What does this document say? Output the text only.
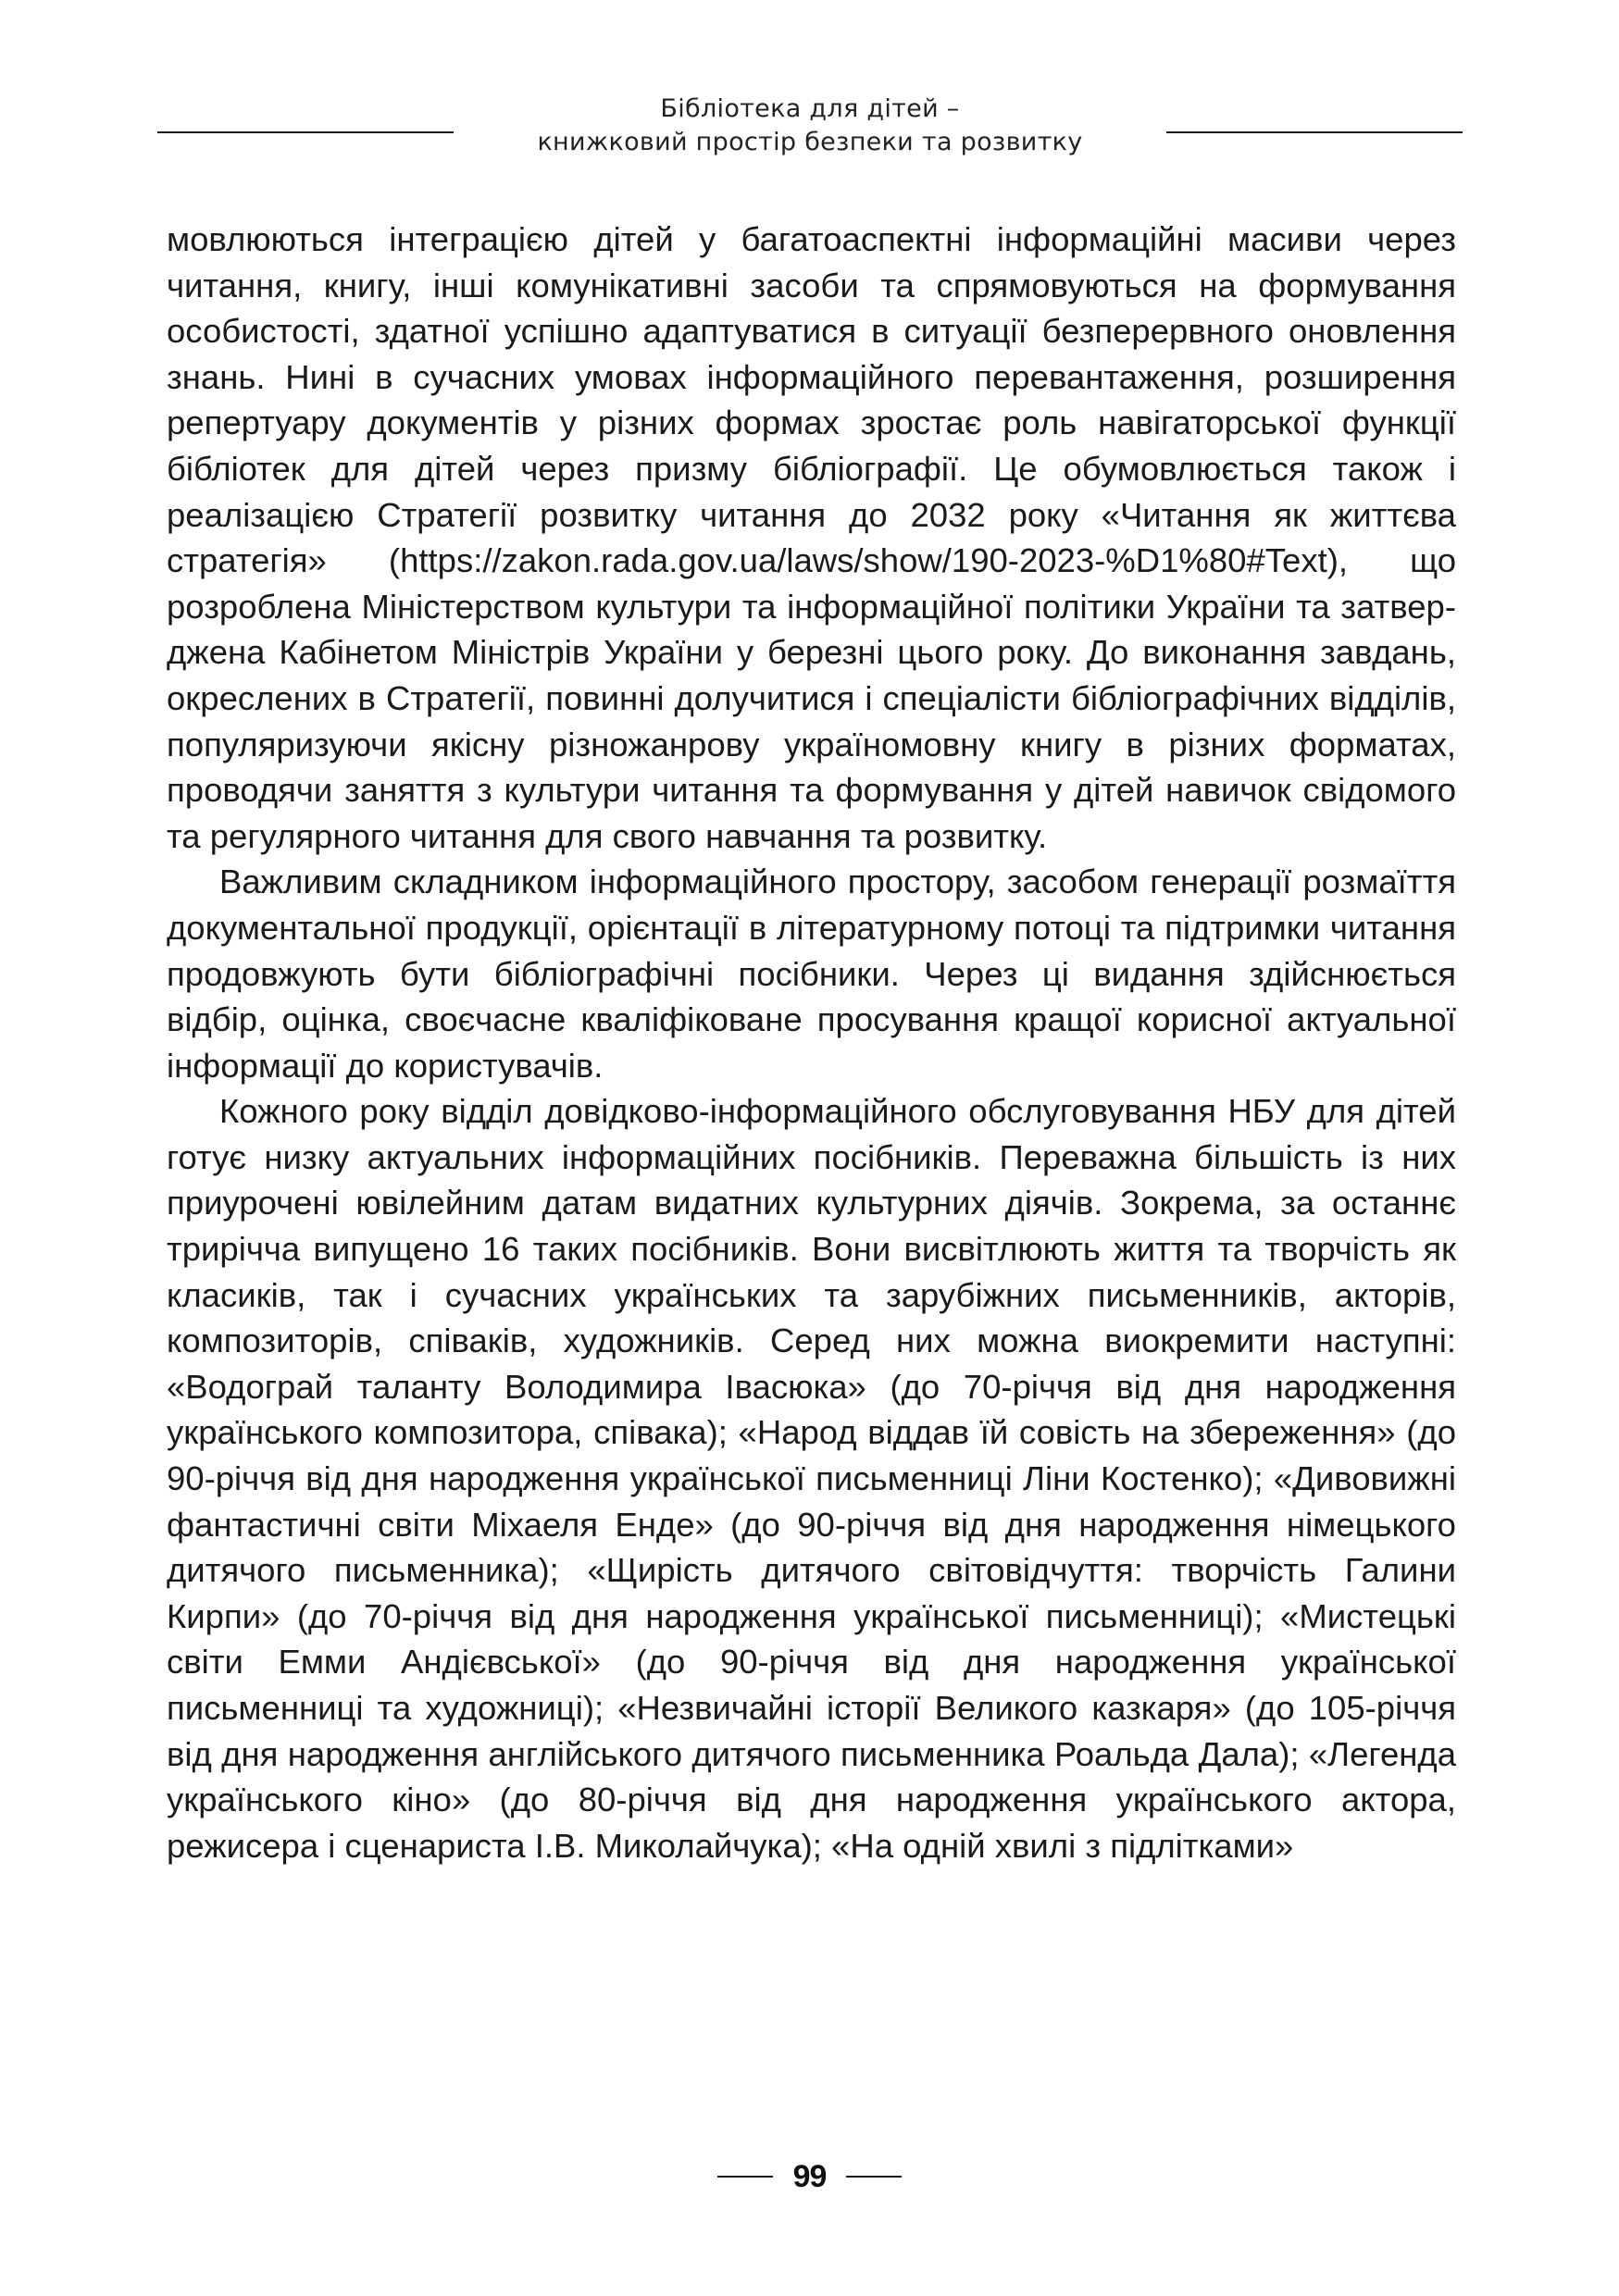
Бібліотека для дітей –
книжковий простір безпеки та розвитку

мовлюються інтеграцією дітей у багатоаспектні інформаційні масиви через читання, книгу, інші комунікативні засоби та спрямовуються на формування особистості, здатної успішно адаптуватися в ситуації безперервного оновлення знань. Нині в сучасних умовах інформаційного перевантаження, розширення репертуару документів у різних формах зростає роль навігаторської функції бібліотек для дітей через призму бібліографії. Це обумовлюється також і реалізацією Стратегії розвитку читання до 2032 року «Читання як життєва стратегія» (https://zakon.rada.gov.ua/laws/show/190-2023-%D1%80#Text), що розроблена Міністерством культури та інформаційної політики України та затверджена Кабінетом Міністрів України у березні цього року. До виконання завдань, окреслених в Стратегії, повинні долучитися і спеціалісти бібліографічних відділів, популяризуючи якісну різножанрову україномовну книгу в різних форматах, проводячи заняття з культури читання та формування у дітей навичок свідомого та регулярного читання для свого навчання та розвитку.

Важливим складником інформаційного простору, засобом генерації розмаїття документальної продукції, орієнтації в літературному потоці та підтримки читання продовжують бути бібліографічні посібники. Через ці видання здійснюється відбір, оцінка, своєчасне кваліфіковане просування кращої корисної актуальної інформації до користувачів.

Кожного року відділ довідково-інформаційного обслуговування НБУ для дітей готує низку актуальних інформаційних посібників. Переважна більшість із них приурочені ювілейним датам видатних культурних діячів. Зокрема, за останнє трирічча випущено 16 таких посібників. Вони висвітлюють життя та творчість як класиків, так і сучасних українських та зарубіжних письменників, акторів, композиторів, співаків, художників. Серед них можна виокремити наступні: «Водограй таланту Володимира Івасюка» (до 70-річчя від дня народження українського композитора, співака); «Народ віддав їй совість на збереження» (до 90-річчя від дня народження української письменниці Ліни Костенко); «Дивовижні фантастичні світи Міхаеля Енде» (до 90-річчя від дня народження німецького дитячого письменника); «Щирість дитячого світовідчуття: творчість Галини Кирпи» (до 70-річчя від дня народження української письменниці); «Мистецькі світи Емми Андієвської» (до 90-річчя від дня народження української письменниці та художниці); «Незвичайні історії Великого казкаря» (до 105-річчя від дня народження англійського дитячого письменника Роальда Дала); «Легенда українського кіно» (до 80-річчя від дня народження українського актора, режисера і сценариста І.В. Миколайчука); «На одній хвилі з підлітками»

99
